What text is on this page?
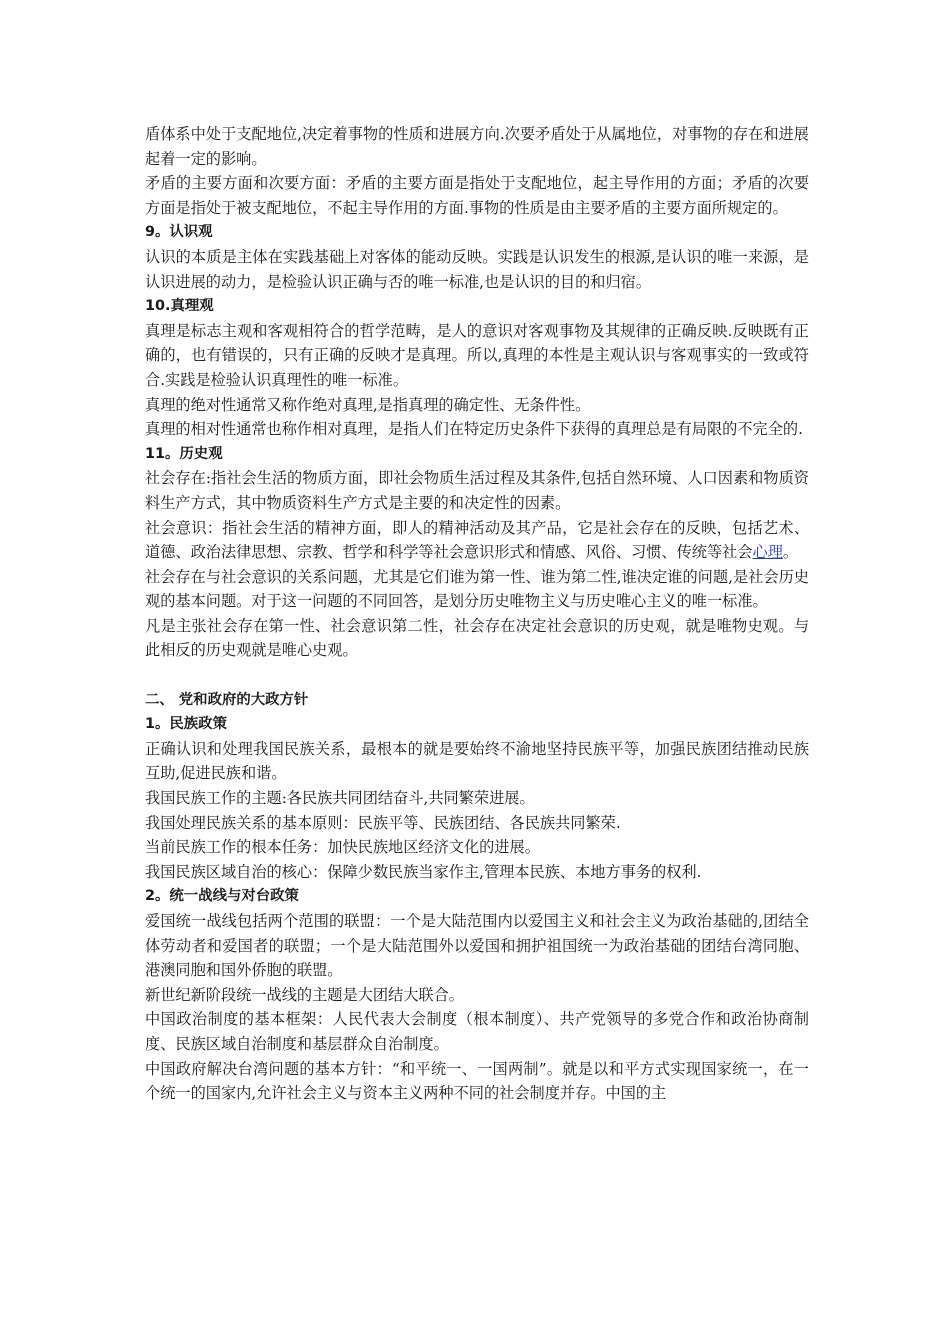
盾体系中处于支配地位,决定着事物的性质和进展方向.次要矛盾处于从属地位，对事物的存在和进展起着一定的影响。

矛盾的主要方面和次要方面：矛盾的主要方面是指处于支配地位，起主导作用的方面；矛盾的次要方面是指处于被支配地位，不起主导作用的方面.事物的性质是由主要矛盾的主要方面所规定的。

9。认识观

认识的本质是主体在实践基础上对客体的能动反映。实践是认识发生的根源,是认识的唯一来源，是认识进展的动力，是检验认识正确与否的唯一标准,也是认识的目的和归宿。

10.真理观

真理是标志主观和客观相符合的哲学范畴，是人的意识对客观事物及其规律的正确反映.反映既有正确的，也有错误的，只有正确的反映才是真理。所以,真理的本性是主观认识与客观事实的一致或符合.实践是检验认识真理性的唯一标准。

真理的绝对性通常又称作绝对真理,是指真理的确定性、无条件性。

真理的相对性通常也称作相对真理，是指人们在特定历史条件下获得的真理总是有局限的不完全的.

11。历史观

社会存在:指社会生活的物质方面，即社会物质生活过程及其条件,包括自然环境、人口因素和物质资料生产方式，其中物质资料生产方式是主要的和决定性的因素。

社会意识：指社会生活的精神方面，即人的精神活动及其产品，它是社会存在的反映，包括艺术、道德、政治法律思想、宗教、哲学和科学等社会意识形式和情感、风俗、习惯、传统等社会心理。

社会存在与社会意识的关系问题，尤其是它们谁为第一性、谁为第二性,谁决定谁的问题,是社会历史观的基本问题。对于这一问题的不同回答，是划分历史唯物主义与历史唯心主义的唯一标准。

凡是主张社会存在第一性、社会意识第二性，社会存在决定社会意识的历史观，就是唯物史观。与此相反的历史观就是唯心史观。

二、 党和政府的大政方针

1。民族政策

正确认识和处理我国民族关系，最根本的就是要始终不渝地坚持民族平等，加强民族团结推动民族互助,促进民族和谐。

我国民族工作的主题:各民族共同团结奋斗,共同繁荣进展。

我国处理民族关系的基本原则：民族平等、民族团结、各民族共同繁荣.

当前民族工作的根本任务：加快民族地区经济文化的进展。

我国民族区域自治的核心：保障少数民族当家作主,管理本民族、本地方事务的权利.

2。统一战线与对台政策

爱国统一战线包括两个范围的联盟：一个是大陆范围内以爱国主义和社会主义为政治基础的,团结全体劳动者和爱国者的联盟；一个是大陆范围外以爱国和拥护祖国统一为政治基础的团结台湾同胞、港澳同胞和国外侨胞的联盟。

新世纪新阶段统一战线的主题是大团结大联合。

中国政治制度的基本框架：人民代表大会制度（根本制度）、共产党领导的多党合作和政治协商制度、民族区域自治制度和基层群众自治制度。

中国政府解决台湾问题的基本方针：“和平统一、一国两制”。就是以和平方式实现国家统一，在一个统一的国家内,允许社会主义与资本主义两种不同的社会制度并存。中国的主
